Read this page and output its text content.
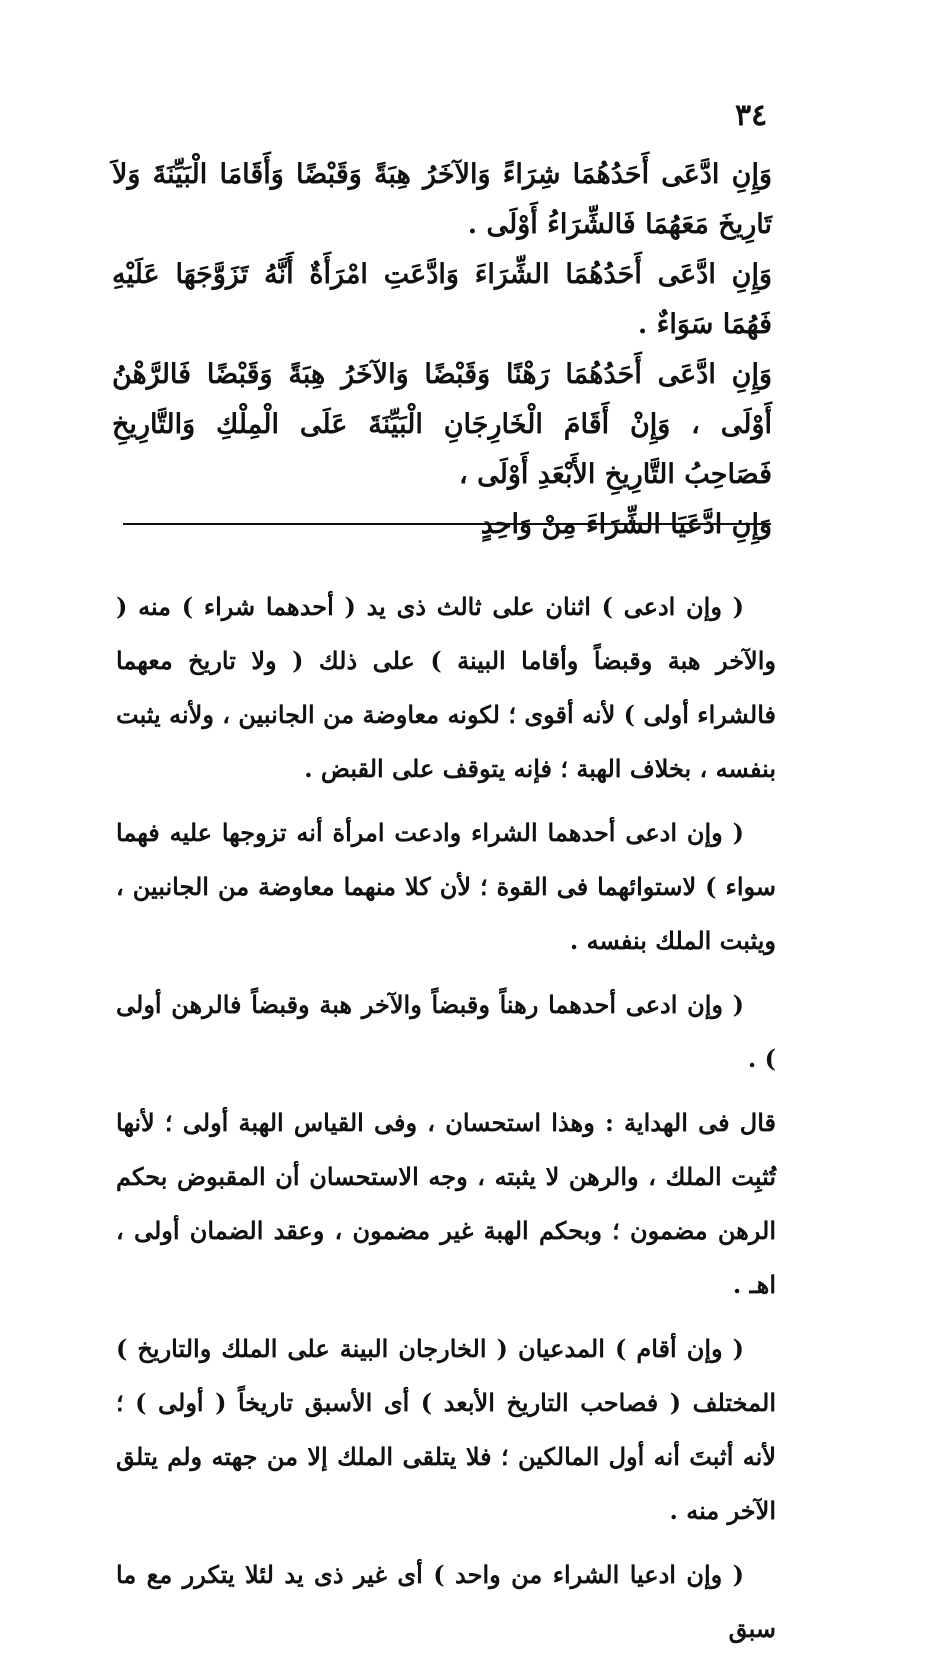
٣٤

وَإِنِ ادَّعَى أَحَدُهُمَا شِرَاءً وَالآخَرُ هِبَةً وَقَبْضًا وَأَقَامَا الْبَيِّنَةَ وَلاَ تَارِيخَ مَعَهُمَا فَالشِّرَاءُ أَوْلَى .

وَإِنِ ادَّعَى أَحَدُهُمَا الشِّرَاءَ وَادَّعَتِ امْرَأَةٌ أَنَّهُ تَزَوَّجَهَا عَلَيْهِ فَهُمَا سَوَاءٌ .

وَإِنِ ادَّعَى أَحَدُهُمَا رَهْنًا وَقَبْضًا وَالآخَرُ هِبَةً وَقَبْضًا فَالرَّهْنُ أَوْلَى ، وَإِنْ أَقَامَ الْخَارِجَانِ الْبَيِّنَةَ عَلَى الْمِلْكِ وَالتَّارِيخِ فَصَاحِبُ التَّارِيخِ الأَبْعَدِ أَوْلَى ،

وَإِنِ ادَّعَيَا الشِّرَاءَ مِنْ وَاحِدٍ

( وإن ادعى ) اثنان على ثالث ذى يد ( أحدهما شراء ) منه ( والآخر هبة وقبضاً وأقاما البينة ) على ذلك ( ولا تاريخ معهما فالشراء أولى ) لأنه أقوى ؛ لكونه معاوضة من الجانبين ، ولأنه يثبت بنفسه ، بخلاف الهبة ؛ فإنه يتوقف على القبض .

( وإن ادعى أحدهما الشراء وادعت امرأة أنه تزوجها عليه فهما سواء ) لاستوائهما فى القوة ؛ لأن كلا منهما معاوضة من الجانبين ، ويثبت الملك بنفسه .

( وإن ادعى أحدهما رهناً وقبضاً والآخر هبة وقبضاً فالرهن أولى ) .

قال فى الهداية : وهذا استحسان ، وفى القياس الهبة أولى ؛ لأنها تُثبِت الملك ، والرهن لا يثبته ، وجه الاستحسان أن المقبوض بحكم الرهن مضمون ؛ وبحكم الهبة غير مضمون ، وعقد الضمان أولى ، اهـ .

( وإن أقام ) المدعيان ( الخارجان البينة على الملك والتاريخ ) المختلف ( فصاحب التاريخ الأبعد ) أى الأسبق تاريخاً ( أولى ) ؛ لأنه أثبتَ أنه أول المالكين ؛ فلا يتلقى الملك إلا من جهته ولم يتلق الآخر منه .

( وإن ادعيا الشراء من واحد ) أى غير ذى يد لئلا يتكرر مع ما سبق
